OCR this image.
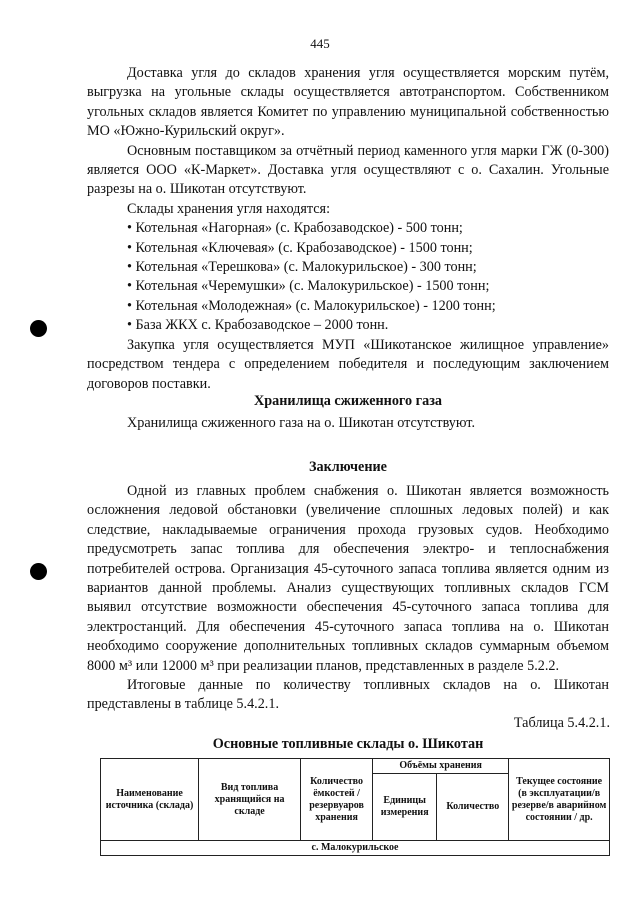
445

Доставка угля до складов хранения угля осуществляется морским путём, выгрузка на угольные склады осуществляется автотранспортом. Собственником угольных складов является Комитет по управлению муниципальной собственностью МО «Южно-Курильский округ».

Основным поставщиком за отчётный период каменного угля марки ГЖ (0-300) является ООО «К-Маркет». Доставка угля осуществляют с о. Сахалин. Угольные разрезы на о. Шикотан отсутствуют.

Склады хранения угля находятся:

• Котельная «Нагорная» (с. Крабозаводское) - 500 тонн;
• Котельная «Ключевая» (с. Крабозаводское) - 1500 тонн;
• Котельная «Терешкова» (с. Малокурильское) - 300 тонн;
• Котельная «Черемушки» (с. Малокурильское) - 1500 тонн;
• Котельная «Молодежная» (с. Малокурильское) - 1200 тонн;
• База ЖКХ с. Крабозаводское – 2000 тонн.

Закупка угля осуществляется МУП «Шикотанское жилищное управление» посредством тендера с определением победителя и последующим заключением договоров поставки.

Хранилища сжиженного газа

Хранилища сжиженного газа на о. Шикотан отсутствуют.

Заключение

Одной из главных проблем снабжения о. Шикотан является возможность осложнения ледовой обстановки (увеличение сплошных ледовых полей) и как следствие, накладываемые ограничения прохода грузовых судов. Необходимо предусмотреть запас топлива для обеспечения электро- и теплоснабжения потребителей острова. Организация 45-суточного запаса топлива является одним из вариантов данной проблемы. Анализ существующих топливных складов ГСМ выявил отсутствие возможности обеспечения 45-суточного запаса топлива для электростанций. Для обеспечения 45-суточного запаса топлива на о. Шикотан необходимо сооружение дополнительных топливных складов суммарным объемом 8000 м³ или 12000 м³ при реализации планов, представленных в разделе 5.2.2.

Итоговые данные по количеству топливных складов на о. Шикотан представлены в таблице 5.4.2.1.

Таблица 5.4.2.1.
Основные топливные склады о. Шикотан
Наименование источника (склада)	Вид топлива хранящийся на складе	Количество ёмкостей / резервуаров хранения	Объёмы хранения		Текущее состояние (в эксплуатации/в резерве/в аварийном состоянии / др.
			Единицы измерения	Количество	
с. Малокурильское					
